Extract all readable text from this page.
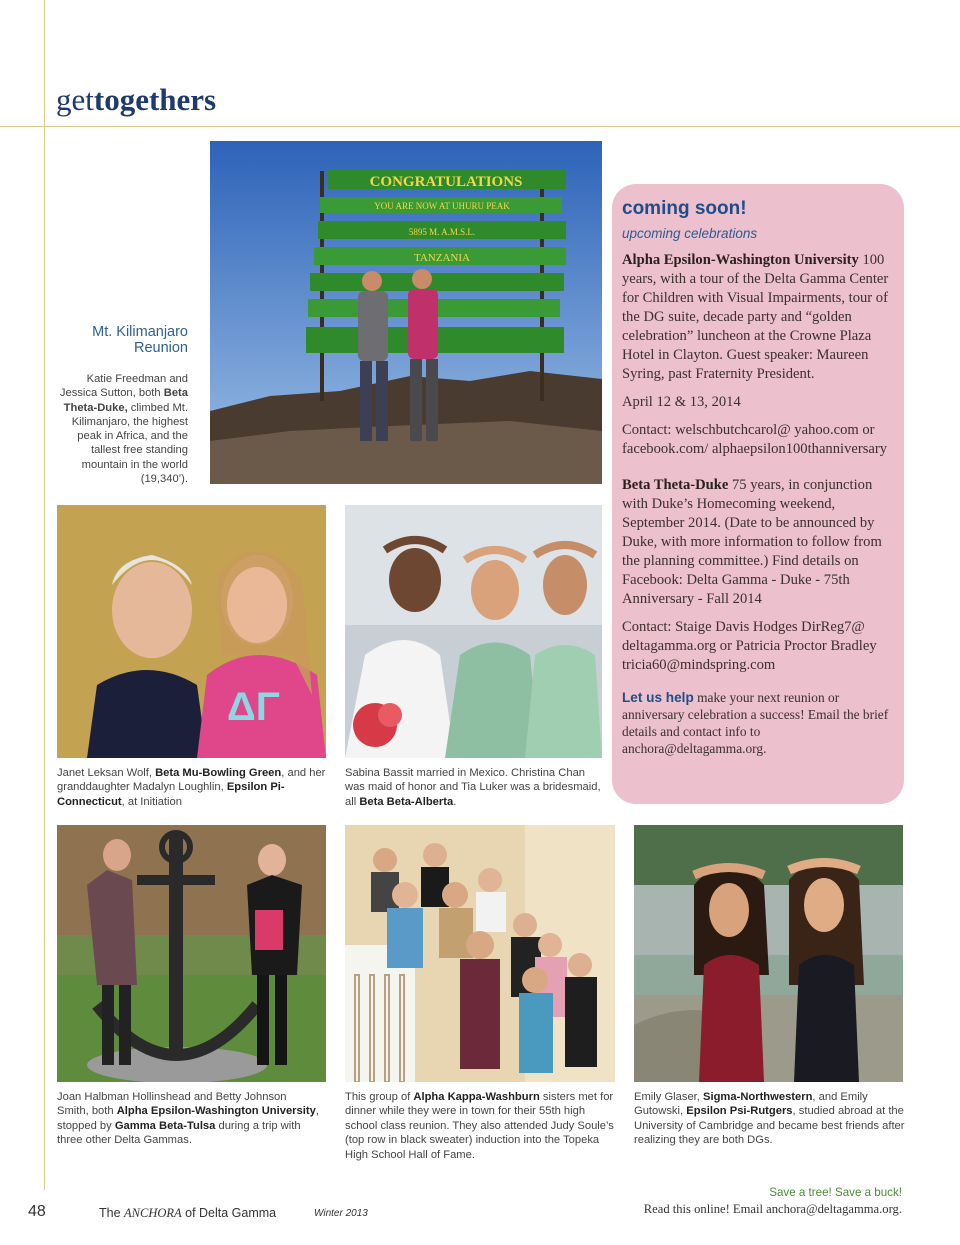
gettogethers
CONGRATULATIONS
YOU ARE NOW AT UHURU PEAK
5895 M. A.M.S.L.
TANZANIA
Mt. Kilimanjaro
Reunion
Katie Freedman and Jessica Sutton, both Beta Theta-Duke, climbed Mt. Kilimanjaro, the highest peak in Africa, and the tallest free standing mountain in the world (19,340’).
ΔΓ
Janet Leksan Wolf, Beta Mu-Bowling Green, and her granddaughter Madalyn Loughlin, Epsilon Pi-Connecticut, at Initiation
Sabina Bassit married in Mexico. Christina Chan was maid of honor and Tia Luker was a bridesmaid, all Beta Beta-Alberta.
coming soon!
upcoming celebrations

Alpha Epsilon-Washington University 100 years, with a tour of the Delta Gamma Center for Children with Visual Impairments, tour of the DG suite, decade party and “golden celebration” luncheon at the Crowne Plaza Hotel in Clayton. Guest speaker: Maureen Syring, past Fraternity President.

April 12 & 13, 2014

Contact: welschbutchcarol@ yahoo.com or facebook.com/ alphaepsilon100thanniversary

Beta Theta-Duke 75 years, in conjunction with Duke’s Homecoming weekend, September 2014. (Date to be announced by Duke, with more information to follow from the planning committee.) Find details on Facebook: Delta Gamma - Duke - 75th Anniversary - Fall 2014

Contact: Staige Davis Hodges DirReg7@ deltagamma.org or Patricia Proctor Bradley tricia60@mindspring.com

Let us help make your next reunion or anniversary celebration a success! Email the brief details and contact info to anchora@deltagamma.org.

Joan Halbman Hollinshead and Betty Johnson Smith, both Alpha Epsilon-Washington University, stopped by Gamma Beta-Tulsa during a trip with three other Delta Gammas.
This group of Alpha Kappa-Washburn sisters met for dinner while they were in town for their 55th high school class reunion. They also attended Judy Soule’s (top row in black sweater) induction into the Topeka High School Hall of Fame.
Emily Glaser, Sigma-Northwestern, and Emily Gutowski, Epsilon Psi-Rutgers, studied abroad at the University of Cambridge and became best friends after realizing they are both DGs.
48	The ANCHORA of Delta Gamma	Winter 2013
Save a tree! Save a buck!
Read this online! Email anchora@deltagamma.org.
